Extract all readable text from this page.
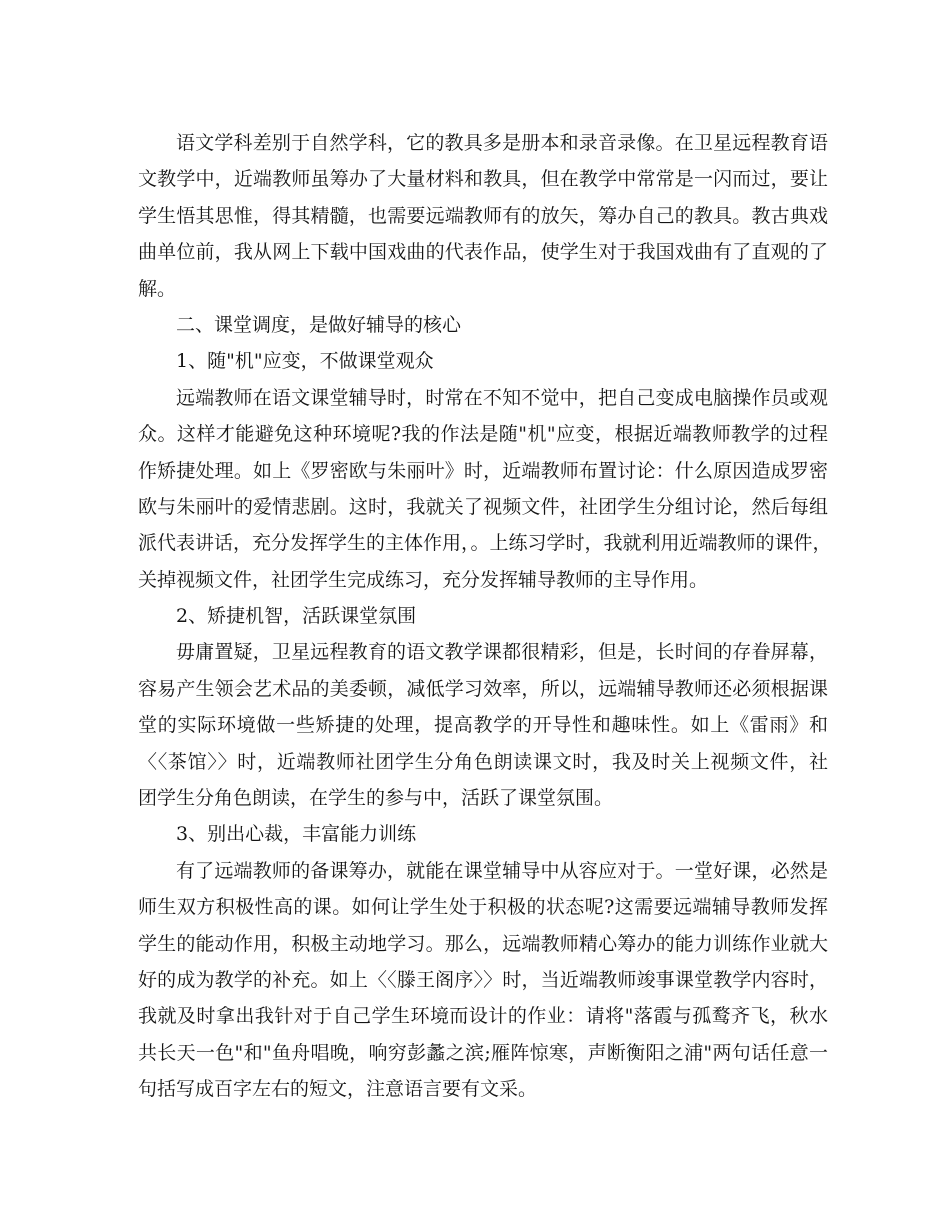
语文学科差别于自然学科，它的教具多是册本和录音录像。在卫星远程教育语
文教学中，近端教师虽筹办了大量材料和教具，但在教学中常常是一闪而过，要让
学生悟其思惟，得其精髓，也需要远端教师有的放矢，筹办自己的教具。教古典戏
曲单位前，我从网上下载中国戏曲的代表作品，使学生对于我国戏曲有了直观的了
解。
二、课堂调度，是做好辅导的核心
1、随"机"应变，不做课堂观众
远端教师在语文课堂辅导时，时常在不知不觉中，把自己变成电脑操作员或观
众。这样才能避免这种环境呢?我的作法是随"机"应变，根据近端教师教学的过程
作矫捷处理。如上《罗密欧与朱丽叶》时，近端教师布置讨论：什么原因造成罗密
欧与朱丽叶的爱情悲剧。这时，我就关了视频文件，社团学生分组讨论，然后每组
派代表讲话，充分发挥学生的主体作用，。上练习学时，我就利用近端教师的课件，
关掉视频文件，社团学生完成练习，充分发挥辅导教师的主导作用。
2、矫捷机智，活跃课堂氛围
毋庸置疑，卫星远程教育的语文教学课都很精彩，但是，长时间的存眷屏幕，
容易产生领会艺术品的美委顿，减低学习效率，所以，远端辅导教师还必须根据课
堂的实际环境做一些矫捷的处理，提高教学的开导性和趣味性。如上《雷雨》和
〈〈茶馆〉〉时，近端教师社团学生分角色朗读课文时，我及时关上视频文件，社
团学生分角色朗读，在学生的参与中，活跃了课堂氛围。
3、别出心裁，丰富能力训练
有了远端教师的备课筹办，就能在课堂辅导中从容应对于。一堂好课，必然是
师生双方积极性高的课。如何让学生处于积极的状态呢?这需要远端辅导教师发挥
学生的能动作用，积极主动地学习。那么，远端教师精心筹办的能力训练作业就大
好的成为教学的补充。如上〈〈滕王阁序〉〉时，当近端教师竣事课堂教学内容时，
我就及时拿出我针对于自己学生环境而设计的作业：请将"落霞与孤鹜齐飞，秋水
共长天一色"和"鱼舟唱晚，响穷彭蠡之滨;雁阵惊寒，声断衡阳之浦"两句话任意一
句括写成百字左右的短文，注意语言要有文采。
